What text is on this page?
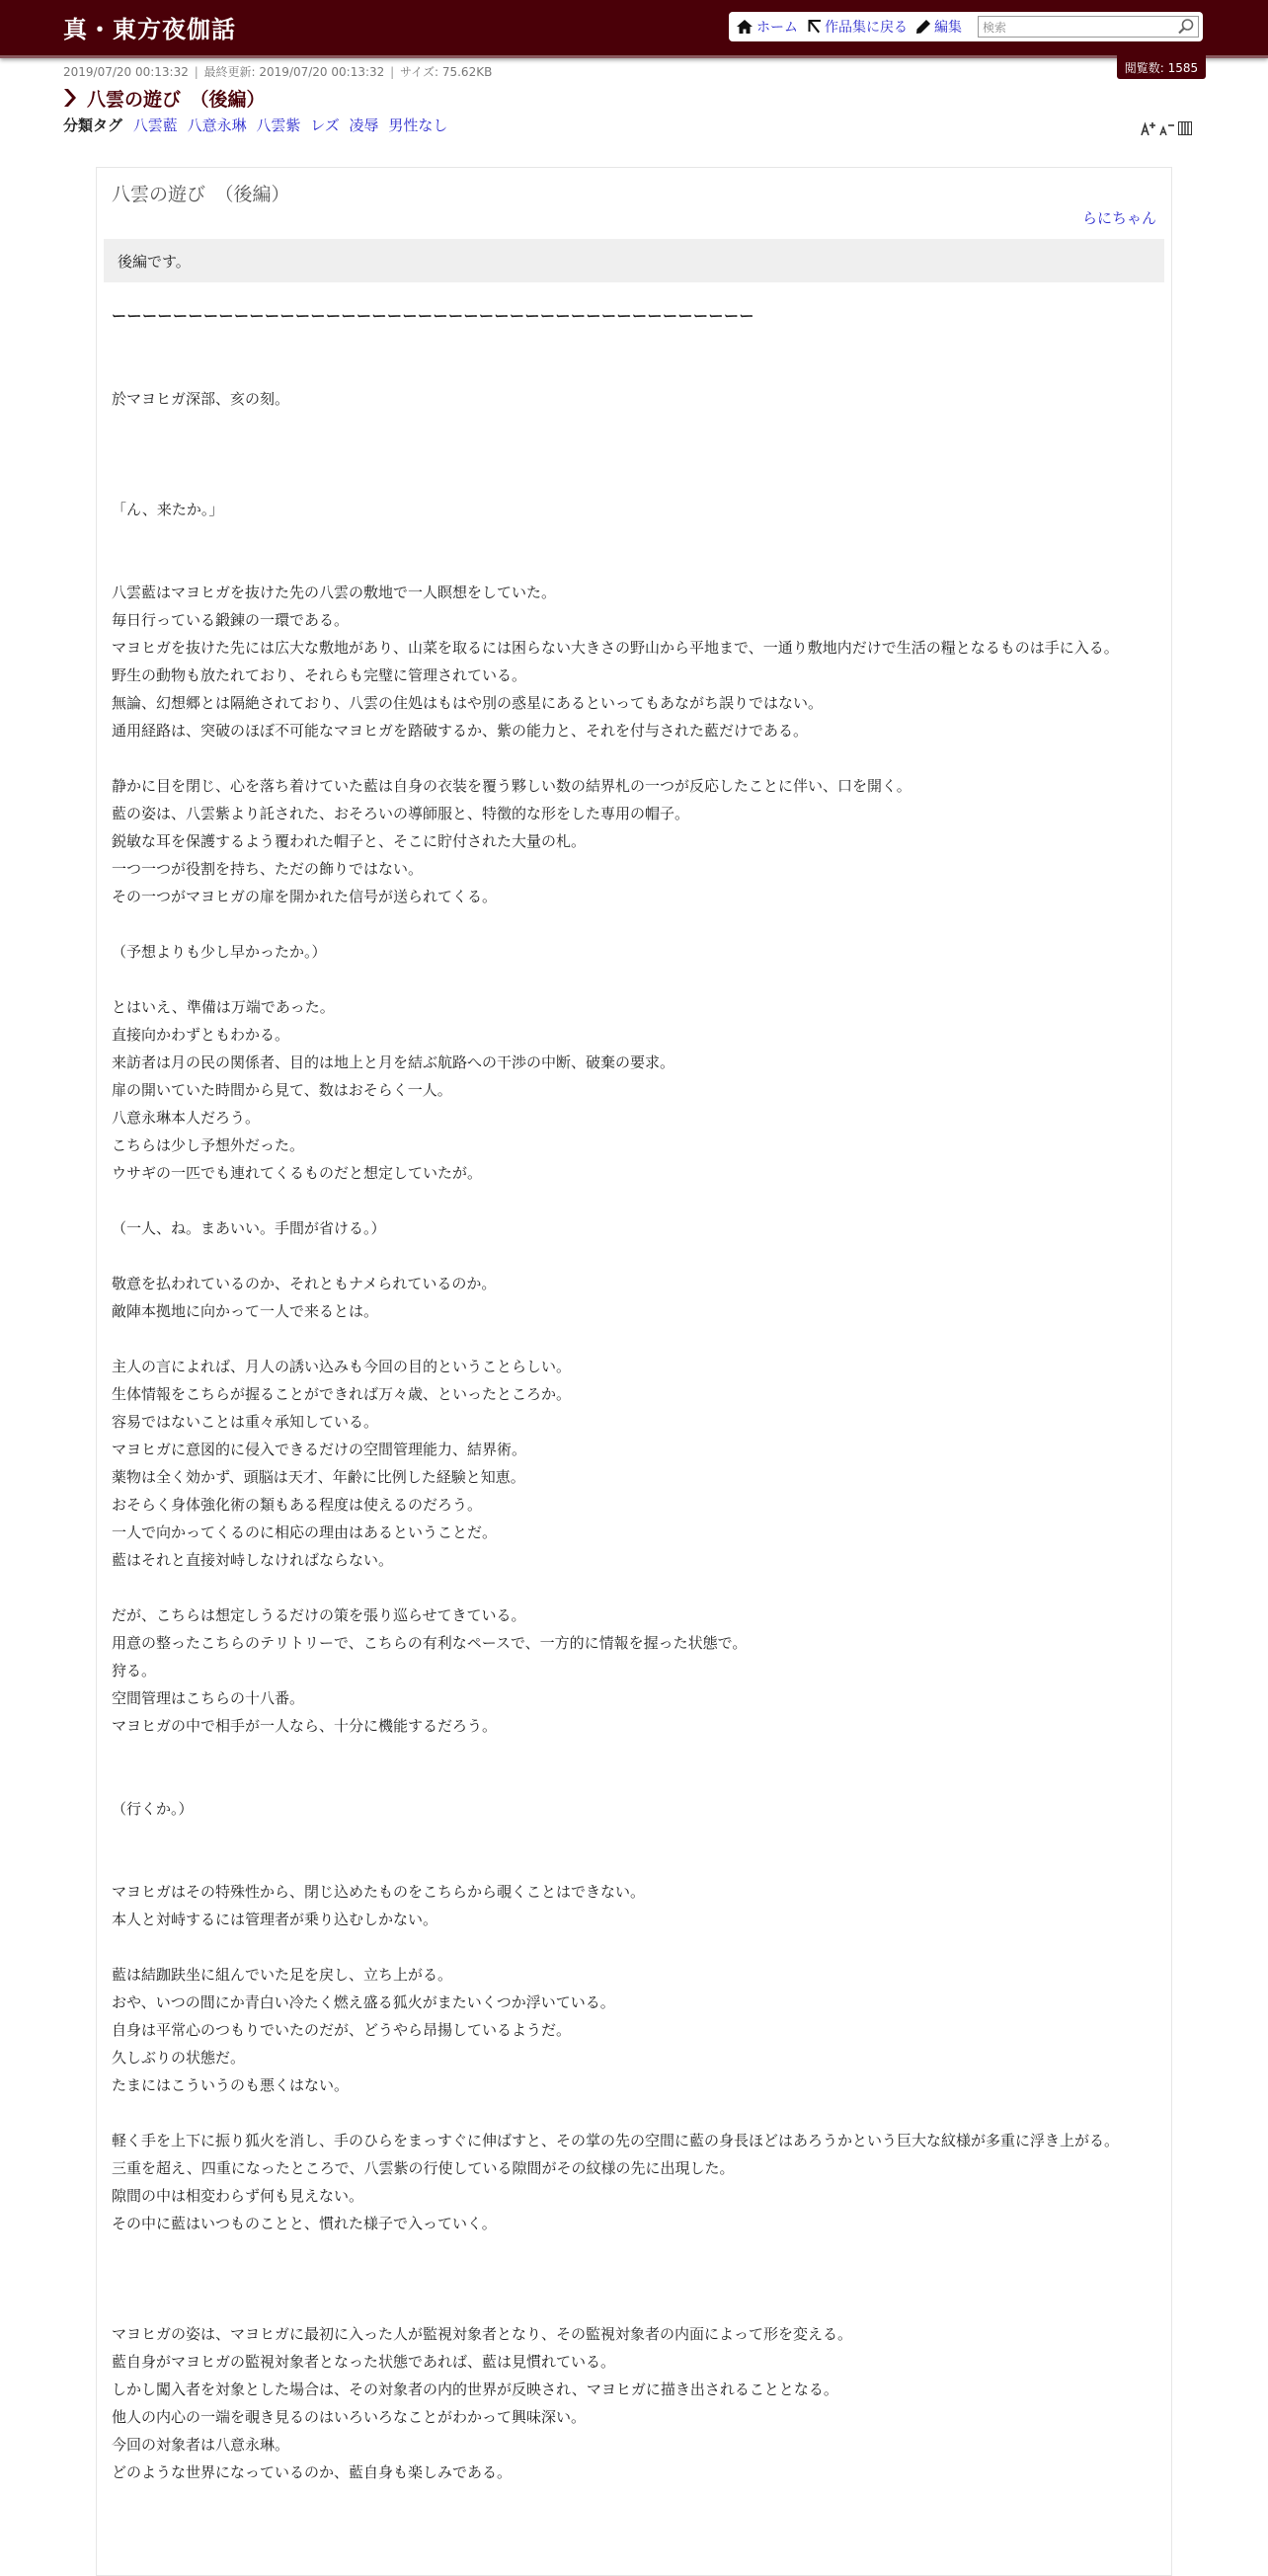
真・東方夜伽話	ホーム 作品集に戻る 編集
検索
閲覧数: 1585
2019/07/20 00:13:32 | 最終更新: 2019/07/20 00:13:32 | サイズ: 75.62KB
八雲の遊び　（後編）
分類タグ 八雲藍 八意永琳 八雲紫 レズ 凌辱 男性なし
八雲の遊び　（後編）
らにちゃん
後編です。

ーーーーーーーーーーーーーーーーーーーーーーーーーーーーーーーーーーーーーーーーーー

於マヨヒガ深部、亥の刻。

「ん、来たか。」

八雲藍はマヨヒガを抜けた先の八雲の敷地で一人瞑想をしていた。

毎日行っている鍛錬の一環である。

マヨヒガを抜けた先には広大な敷地があり、山菜を取るには困らない大きさの野山から平地まで、一通り敷地内だけで生活の糧となるものは手に入る。

野生の動物も放たれており、それらも完璧に管理されている。

無論、幻想郷とは隔絶されており、八雲の住処はもはや別の惑星にあるといってもあながち誤りではない。

通用経路は、突破のほぼ不可能なマヨヒガを踏破するか、紫の能力と、それを付与された藍だけである。

静かに目を閉じ、心を落ち着けていた藍は自身の衣装を覆う夥しい数の結界札の一つが反応したことに伴い、口を開く。

藍の姿は、八雲紫より託された、おそろいの導師服と、特徴的な形をした専用の帽子。

鋭敏な耳を保護するよう覆われた帽子と、そこに貯付された大量の札。

一つ一つが役割を持ち、ただの飾りではない。

その一つがマヨヒガの扉を開かれた信号が送られてくる。

（予想よりも少し早かったか。）

とはいえ、準備は万端であった。

直接向かわずともわかる。

来訪者は月の民の関係者、目的は地上と月を結ぶ航路への干渉の中断、破棄の要求。

扉の開いていた時間から見て、数はおそらく一人。

八意永琳本人だろう。

こちらは少し予想外だった。

ウサギの一匹でも連れてくるものだと想定していたが。

（一人、ね。まあいい。手間が省ける。）

敬意を払われているのか、それともナメられているのか。

敵陣本拠地に向かって一人で来るとは。

主人の言によれば、月人の誘い込みも今回の目的ということらしい。

生体情報をこちらが握ることができれば万々歳、といったところか。

容易ではないことは重々承知している。

マヨヒガに意図的に侵入できるだけの空間管理能力、結界術。

薬物は全く効かず、頭脳は天才、年齢に比例した経験と知恵。

おそらく身体強化術の類もある程度は使えるのだろう。

一人で向かってくるのに相応の理由はあるということだ。

藍はそれと直接対峙しなければならない。

だが、こちらは想定しうるだけの策を張り巡らせてきている。

用意の整ったこちらのテリトリーで、こちらの有利なペースで、一方的に情報を握った状態で。

狩る。

空間管理はこちらの十八番。

マヨヒガの中で相手が一人なら、十分に機能するだろう。

（行くか。）

マヨヒガはその特殊性から、閉じ込めたものをこちらから覗くことはできない。

本人と対峙するには管理者が乗り込むしかない。

藍は結跏趺坐に組んでいた足を戻し、立ち上がる。

おや、いつの間にか青白い冷たく燃え盛る狐火がまたいくつか浮いている。

自身は平常心のつもりでいたのだが、どうやら昂揚しているようだ。

久しぶりの状態だ。

たまにはこういうのも悪くはない。

軽く手を上下に振り狐火を消し、手のひらをまっすぐに伸ばすと、その掌の先の空間に藍の身長ほどはあろうかという巨大な紋様が多重に浮き上がる。

三重を超え、四重になったところで、八雲紫の行使している隙間がその紋様の先に出現した。

隙間の中は相変わらず何も見えない。

その中に藍はいつものことと、慣れた様子で入っていく。

マヨヒガの姿は、マヨヒガに最初に入った人が監視対象者となり、その監視対象者の内面によって形を変える。

藍自身がマヨヒガの監視対象者となった状態であれば、藍は見慣れている。

しかし闖入者を対象とした場合は、その対象者の内的世界が反映され、マヨヒガに描き出されることとなる。

他人の内心の一端を覗き見るのはいろいろなことがわかって興味深い。

今回の対象者は八意永琳。

どのような世界になっているのか、藍自身も楽しみである。
